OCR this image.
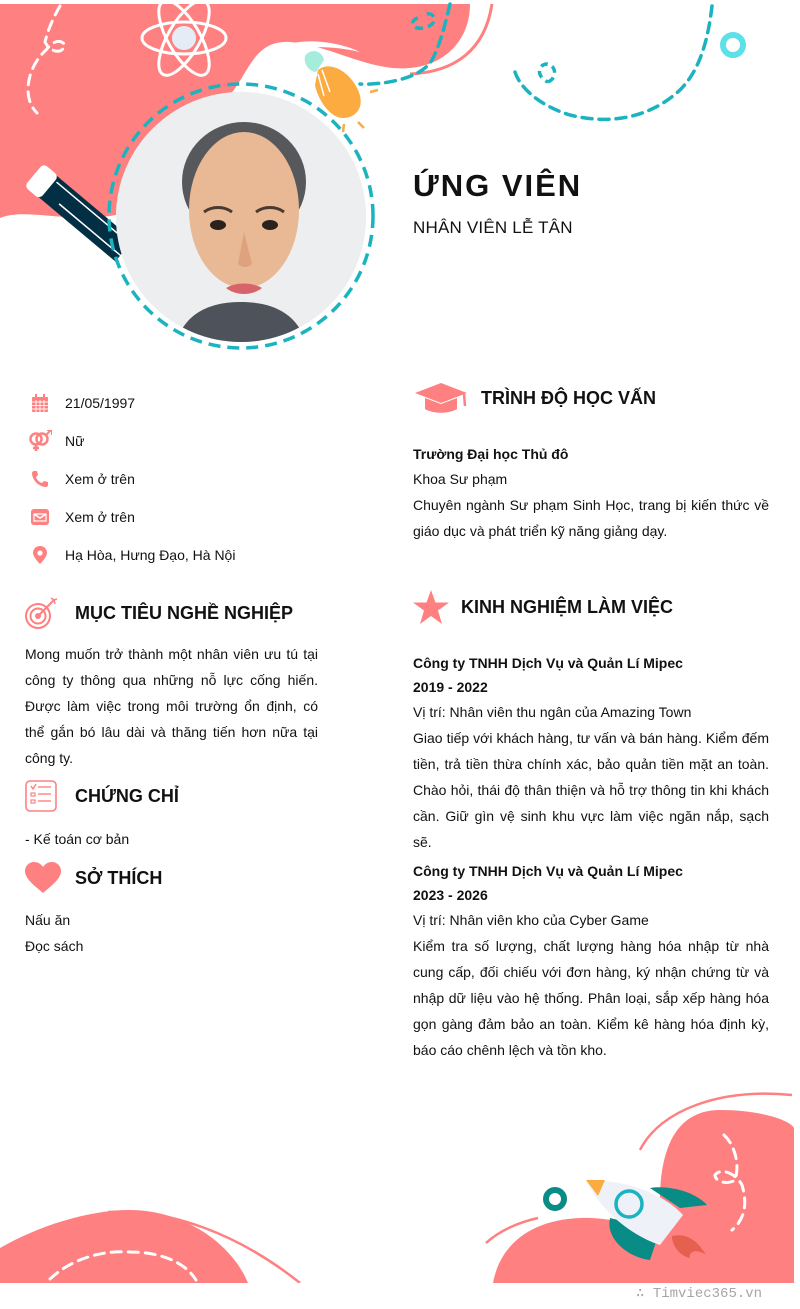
ỨNG VIÊN
NHÂN VIÊN LỄ TÂN
21/05/1997
Nữ
Xem ở trên
Xem ở trên
Hạ Hòa, Hưng Đạo, Hà Nội
MỤC TIÊU NGHỀ NGHIỆP
Mong muốn trở thành một nhân viên ưu tú tại công ty thông qua những nỗ lực cống hiến. Được làm việc trong môi trường ổn định, có thể gắn bó lâu dài và thăng tiến hơn nữa tại công ty.
CHỨNG CHỈ
- Kế toán cơ bản
SỞ THÍCH
Nấu ăn
Đọc sách
TRÌNH ĐỘ HỌC VẤN
Trường Đại học Thủ đô
Khoa Sư phạm
Chuyên ngành Sư phạm Sinh Học, trang bị kiến thức về giáo dục và phát triển kỹ năng giảng dạy.
KINH NGHIỆM LÀM VIỆC
Công ty TNHH Dịch Vụ và Quản Lí Mipec
2019 - 2022
Vị trí: Nhân viên thu ngân của Amazing Town
Giao tiếp với khách hàng, tư vấn và bán hàng. Kiểm đếm tiền, trả tiền thừa chính xác, bảo quản tiền mặt an toàn. Chào hỏi, thái độ thân thiện và hỗ trợ thông tin khi khách cần. Giữ gìn vệ sinh khu vực làm việc ngăn nắp, sạch sẽ.
Công ty TNHH Dịch Vụ và Quản Lí Mipec
2023 - 2026
Vị trí: Nhân viên kho của Cyber Game
Kiểm tra số lượng, chất lượng hàng hóa nhập từ nhà cung cấp, đối chiếu với đơn hàng, ký nhận chứng từ và nhập dữ liệu vào hệ thống. Phân loại, sắp xếp hàng hóa gọn gàng đảm bảo an toàn. Kiểm kê hàng hóa định kỳ, báo cáo chênh lệch và tồn kho.
∴ Timviec365.vn
